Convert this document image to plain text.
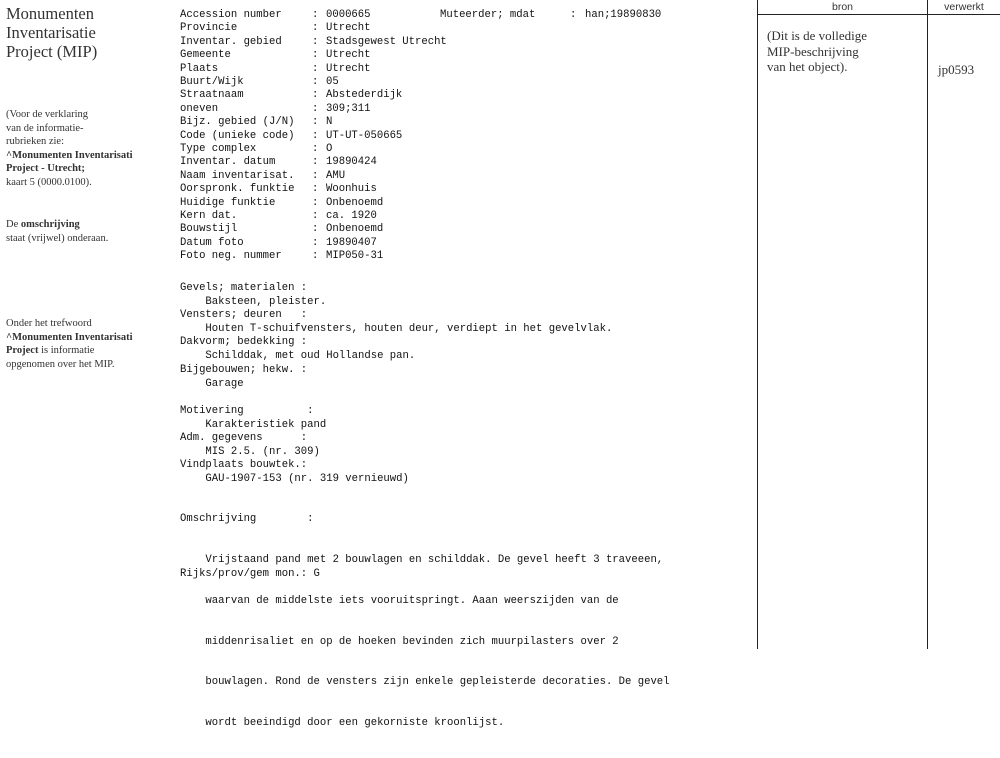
Monumenten
Inventarisatie
Project (MIP)
(Voor de verklaring
van de informatie-
rubrieken zie:
^Monumenten Inventarisati
Project - Utrecht;
kaart 5 (0000.0100).
De omschrijving
staat (vrijwel) onderaan.
Onder het trefwoord
^Monumenten Inventarisati
Project is informatie
opgenomen over het MIP.
Muteerder; mdat	: han;19890830
Accession number	: 0000665
Provincie	: Utrecht
Inventar. gebied	: Stadsgewest Utrecht
Gemeente	: Utrecht
Plaats	: Utrecht
Buurt/Wijk	: 05
Straatnaam	: Abstederdijk
oneven	: 309;311
Bijz. gebied (J/N) : N
Code (unieke code) : UT-UT-050665
Type complex	: O
Inventar. datum	: 19890424
Naam inventarisat. : AMU
Oorspronk. funktie : Woonhuis
Huidige funktie	: Onbenoemd
Kern dat.	: ca. 1920
Bouwstijl	: Onbenoemd
Datum foto	: 19890407
Foto neg. nummer	: MIP050-31
Gevels; materialen :
Baksteen, pleister.
Vensters; deuren   :
Houten T-schuifvensters, houten deur, verdiept in het gevelvlak.
Dakvorm; bedekking :
Schilddak, met oud Hollandse pan.
Bijgebouwen; hekw. :
Garage
Motivering          :
Karakteristiek pand
Adm. gegevens      :
MIS 2.5. (nr. 309)
Vindplaats bouwtek.:
GAU-1907-153 (nr. 319 vernieuwd)

Omschrijving        :

Vrijstaand pand met 2 bouwlagen en schilddak. De gevel heeft 3 traveeen,

waarvan de middelste iets vooruitspringt. Aaan weerszijden van de

middenrisaliet en op de hoeken bevinden zich muurpilasters over 2

bouwlagen. Rond de vensters zijn enkele gepleisterde decoraties. De gevel

wordt beeindigd door een gekorniste kroonlijst.

Rijks/prov/gem mon.: G
bron	verwerkt
(Dit is de volledige
MIP-beschrijving
van het object).	jp0593
